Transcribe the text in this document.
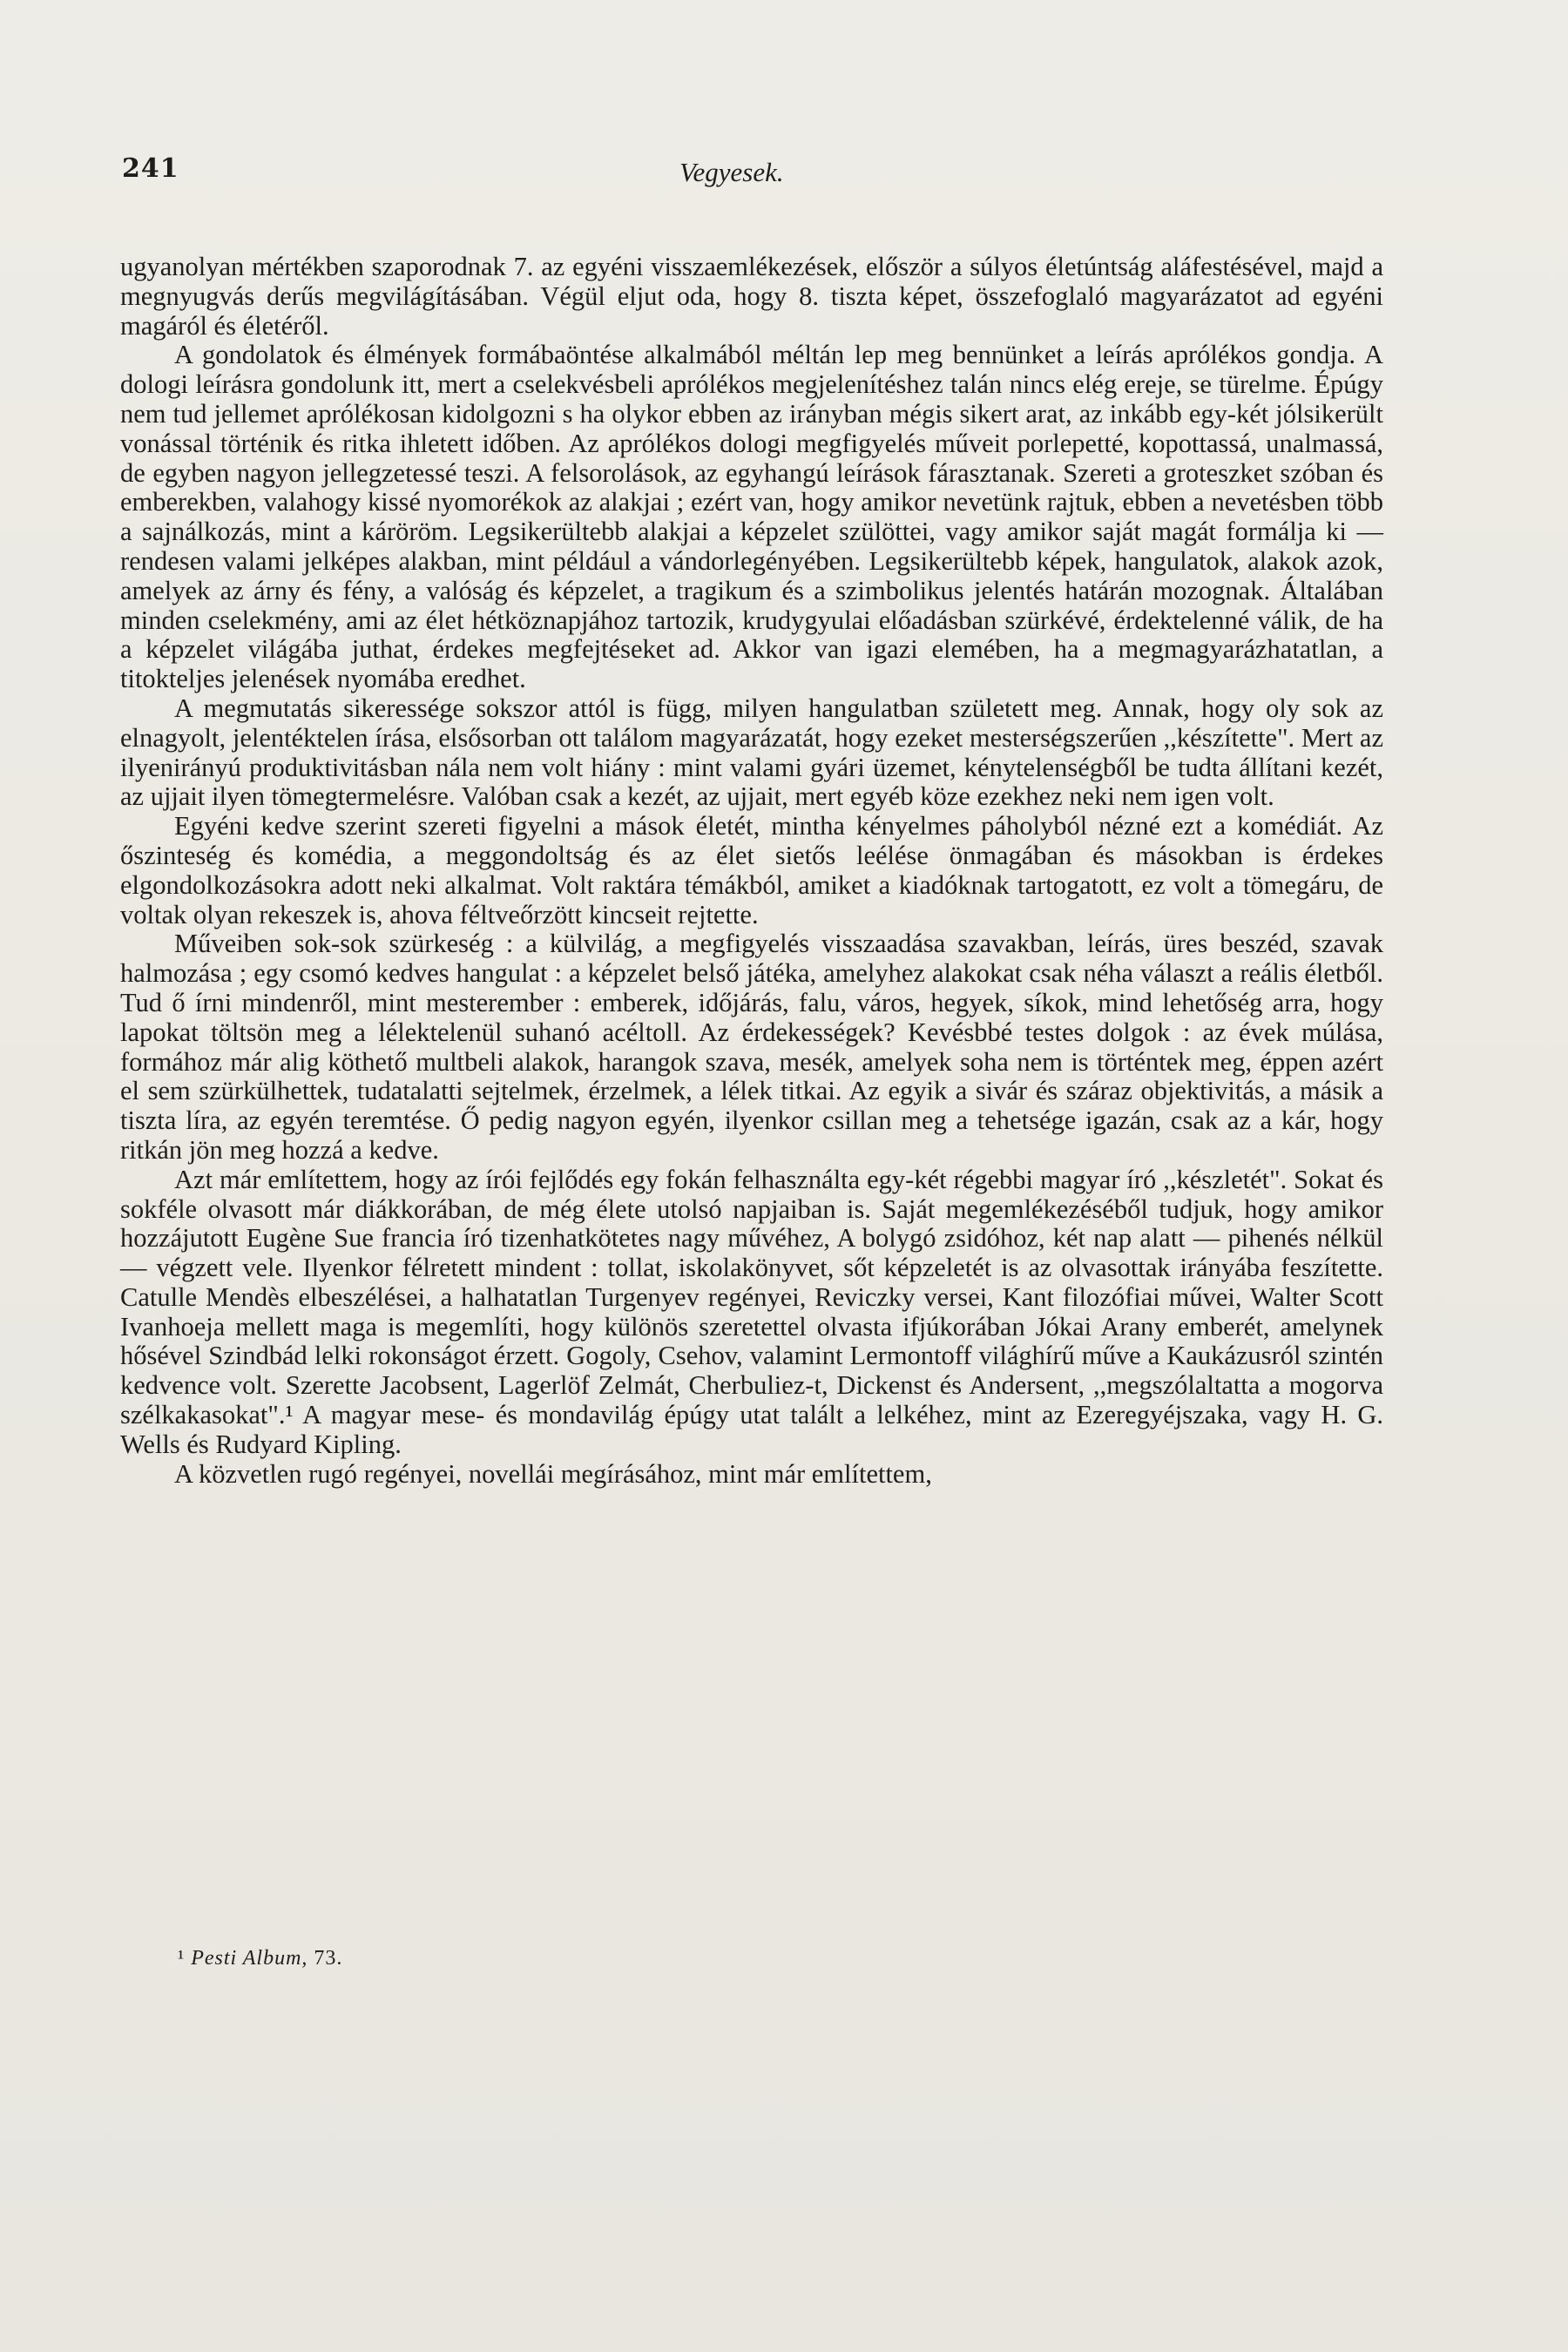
241	Vegyesek.

ugyanolyan mértékben szaporodnak 7. az egyéni visszaemlékezések, először a súlyos életúntság aláfestésével, majd a megnyugvás derűs megvilágításában. Végül eljut oda, hogy 8. tiszta képet, összefoglaló magyarázatot ad egyéni magáról és életéről.

A gondolatok és élmények formábaöntése alkalmából méltán lep meg bennünket a leírás aprólékos gondja. A dologi leírásra gondolunk itt, mert a cselekvésbeli aprólékos megjelenítéshez talán nincs elég ereje, se türelme. Épúgy nem tud jellemet aprólékosan kidolgozni s ha olykor ebben az irányban mégis sikert arat, az inkább egy-két jólsikerült vonással történik és ritka ihletett időben. Az aprólékos dologi megfigyelés műveit porlepetté, kopottassá, unalmassá, de egyben nagyon jellegzetessé teszi. A felsorolások, az egyhangú leírások fárasztanak. Szereti a groteszket szóban és emberekben, valahogy kissé nyomorékok az alakjai ; ezért van, hogy amikor nevetünk rajtuk, ebben a nevetésben több a sajnálkozás, mint a káröröm. Legsikerültebb alakjai a képzelet szülöttei, vagy amikor saját magát formálja ki — rendesen valami jelképes alakban, mint például a vándorlegényében. Legsikerültebb képek, hangulatok, alakok azok, amelyek az árny és fény, a valóság és képzelet, a tragikum és a szimbolikus jelentés határán mozognak. Általában minden cselekmény, ami az élet hétköznapjához tartozik, krudygyulai előadásban szürkévé, érdektelenné válik, de ha a képzelet világába juthat, érdekes megfejtéseket ad. Akkor van igazi elemében, ha a megmagyarázhatatlan, a titokteljes jelenések nyomába eredhet.

A megmutatás sikeressége sokszor attól is függ, milyen hangulatban született meg. Annak, hogy oly sok az elnagyolt, jelentéktelen írása, elsősorban ott találom magyarázatát, hogy ezeket mesterségszerűen ,,készítette". Mert az ilyenirányú produktivitásban nála nem volt hiány : mint valami gyári üzemet, kénytelenségből be tudta állítani kezét, az ujjait ilyen tömegtermelésre. Valóban csak a kezét, az ujjait, mert egyéb köze ezekhez neki nem igen volt.

Egyéni kedve szerint szereti figyelni a mások életét, mintha kényelmes páholyból nézné ezt a komédiát. Az őszinteség és komédia, a meggondoltság és az élet sietős leélése önmagában és másokban is érdekes elgondolkozásokra adott neki alkalmat. Volt raktára témákból, amiket a kiadóknak tartogatott, ez volt a tömegáru, de voltak olyan rekeszek is, ahova féltveőrzött kincseit rejtette.

Műveiben sok-sok szürkeség : a külvilág, a megfigyelés visszaadása szavakban, leírás, üres beszéd, szavak halmozása ; egy csomó kedves hangulat : a képzelet belső játéka, amelyhez alakokat csak néha választ a reális életből. Tud ő írni mindenről, mint mesterember : emberek, időjárás, falu, város, hegyek, síkok, mind lehetőség arra, hogy lapokat töltsön meg a lélektelenül suhanó acéltoll. Az érdekességek? Kevésbbé testes dolgok : az évek múlása, formához már alig köthető multbeli alakok, harangok szava, mesék, amelyek soha nem is történtek meg, éppen azért el sem szürkülhettek, tudatalatti sejtelmek, érzelmek, a lélek titkai. Az egyik a sivár és száraz objektivitás, a másik a tiszta líra, az egyén teremtése. Ő pedig nagyon egyén, ilyenkor csillan meg a tehetsége igazán, csak az a kár, hogy ritkán jön meg hozzá a kedve.

Azt már említettem, hogy az írói fejlődés egy fokán felhasználta egy-két régebbi magyar író ,,készletét". Sokat és sokféle olvasott már diákkorában, de még élete utolsó napjaiban is. Saját megemlékezéséből tudjuk, hogy amikor hozzájutott Eugène Sue francia író tizenhatkötetes nagy művéhez, A bolygó zsidóhoz, két nap alatt — pihenés nélkül — végzett vele. Ilyenkor félretett mindent : tollat, iskolakönyvet, sőt képzeletét is az olvasottak irányába feszítette. Catulle Mendès elbeszélései, a halhatatlan Turgenyev regényei, Reviczky versei, Kant filozófiai művei, Walter Scott Ivanhoeja mellett maga is megemlíti, hogy különös szeretettel olvasta ifjúkorában Jókai Arany emberét, amelynek hősével Szindbád lelki rokonságot érzett. Gogoly, Csehov, valamint Lermontoff világhírű műve a Kaukázusról szintén kedvence volt. Szerette Jacobsent, Lagerlöf Zelmát, Cherbuliez-t, Dickenst és Andersent, ,,megszólaltatta a mogorva szélkakasokat".¹ A magyar mese- és mondavilág épúgy utat talált a lelkéhez, mint az Ezeregyéjszaka, vagy H. G. Wells és Rudyard Kipling.

A közvetlen rugó regényei, novellái megírásához, mint már említettem,

¹ Pesti Album, 73.
